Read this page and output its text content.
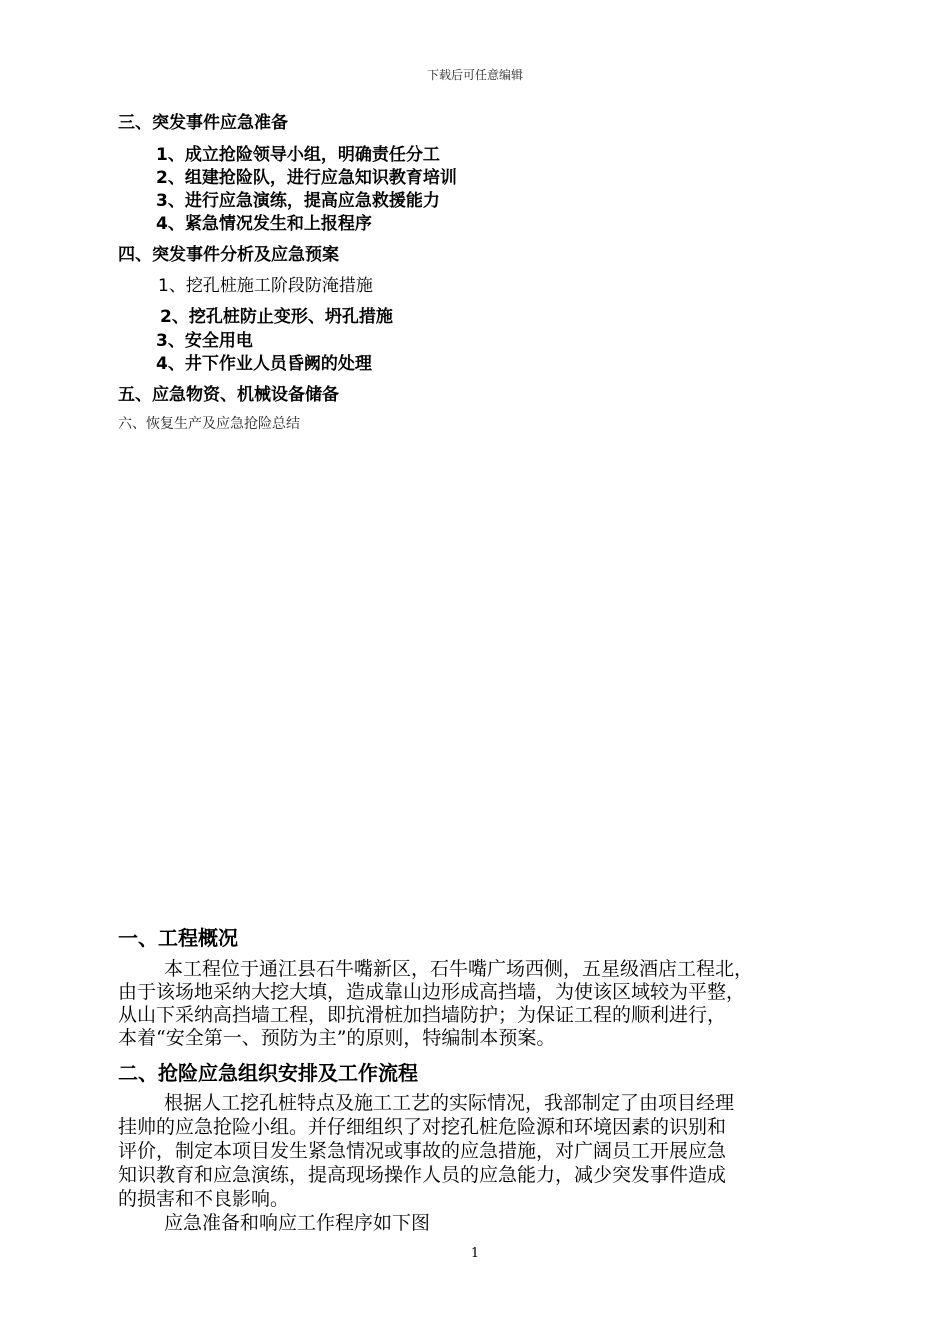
下载后可任意编辑
三、突发事件应急准备
1、成立抢险领导小组，明确责任分工
2、组建抢险队，进行应急知识教育培训
3、进行应急演练，提高应急救援能力
4、紧急情况发生和上报程序
四、突发事件分析及应急预案
1、挖孔桩施工阶段防淹措施
2、挖孔桩防止变形、坍孔措施
3、安全用电
4、井下作业人员昏阙的处理
五、应急物资、机械设备储备
六、恢复生产及应急抢险总结
一、工程概况
本工程位于通江县石牛嘴新区，石牛嘴广场西侧，五星级酒店工程北，
由于该场地采纳大挖大填，造成靠山边形成高挡墙，为使该区域较为平整，
从山下采纳高挡墙工程，即抗滑桩加挡墙防护；为保证工程的顺利进行，
本着“安全第一、预防为主”的原则，特编制本预案。
二、抢险应急组织安排及工作流程
根据人工挖孔桩特点及施工工艺的实际情况，我部制定了由项目经理
挂帅的应急抢险小组。并仔细组织了对挖孔桩危险源和环境因素的识别和
评价，制定本项目发生紧急情况或事故的应急措施，对广阔员工开展应急
知识教育和应急演练，提高现场操作人员的应急能力，减少突发事件造成
的损害和不良影响。
应急准备和响应工作程序如下图
1
